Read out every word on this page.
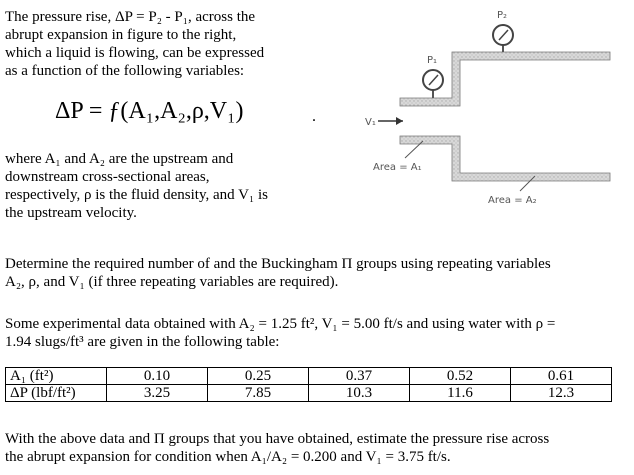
The pressure rise, ΔP = P₂ - P₁, across the
abrupt expansion in figure to the right,
which a liquid is flowing, can be expressed
as a function of the following variables:
ΔP = ƒ(A₁,A₂,ρ,V₁)	.
where A₁ and A₂ are the upstream and
downstream cross-sectional areas,
respectively, ρ is the fluid density, and V₁ is
the upstream velocity.
P₁
P₂
V₁
Area = A₁
Area = A₂
Determine the required number of and the Buckingham Π groups using repeating variables
A₂, ρ, and V₁ (if three repeating variables are required).
Some experimental data obtained with A₂ = 1.25 ft², V₁ = 5.00 ft/s and using water with ρ =
1.94 slugs/ft³ are given in the following table:
A₁ (ft²)	0.10	0.25	0.37	0.52	0.61
ΔP (lbf/ft²)	3.25	7.85	10.3	11.6	12.3
With the above data and Π groups that you have obtained, estimate the pressure rise across
the abrupt expansion for condition when A₁/A₂ = 0.200 and V₁ = 3.75 ft/s.
